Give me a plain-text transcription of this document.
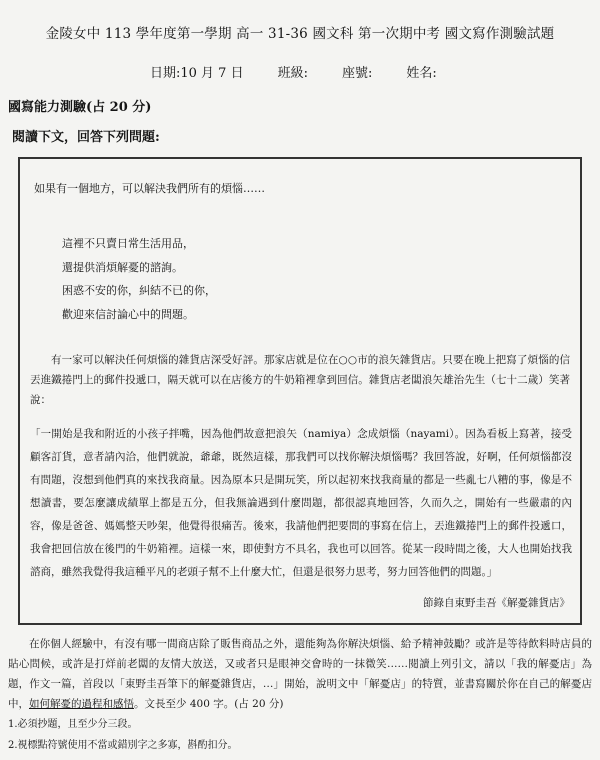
金陵女中 113 學年度第一學期 高一 31-36 國文科 第一次期中考 國文寫作測驗試題
日期:10 月 7 日	班級:	座號:	姓名:
國寫能力測驗(占 20 分)
閱讀下文，回答下列問題:
如果有一個地方，可以解決我們所有的煩惱……
這裡不只賣日常生活用品，
還提供消煩解憂的諮詢。
困惑不安的你，糾結不已的你，
歡迎來信討論心中的問題。
有一家可以解決任何煩惱的雜貨店深受好評。那家店就是位在○○市的浪矢雜貨店。只要在晚上把寫了煩惱的信丟進鐵捲門上的郵件投遞口，隔天就可以在店後方的牛奶箱裡拿到回信。雜貨店老闆浪矢雄治先生（七十二歲）笑著說：
「一開始是我和附近的小孩子拌嘴，因為他們故意把浪矢（namiya）念成煩惱（nayami）。因為看板上寫著，接受顧客訂貨，意者請內洽，他們就說，爺爺，既然這樣，那我們可以找你解決煩惱嗎？我回答說，好啊，任何煩惱都沒有問題，沒想到他們真的來找我商量。因為原本只是開玩笑，所以起初來找我商量的都是一些亂七八糟的事，像是不想讀書，要怎麼讓成績單上都是五分，但我無論遇到什麼問題，都很認真地回答，久而久之，開始有一些嚴肅的內容，像是爸爸、媽媽整天吵架，他覺得很痛苦。後來，我請他們把要問的事寫在信上，丟進鐵捲門上的郵件投遞口，我會把回信放在後門的牛奶箱裡。這樣一來，即使對方不具名，我也可以回答。從某一段時間之後，大人也開始找我諮商，雖然我覺得我這種平凡的老頭子幫不上什麼大忙，但還是很努力思考，努力回答他們的問題。」
節錄自東野圭吾《解憂雜貨店》
在你個人經驗中，有沒有哪一間商店除了販售商品之外，還能夠為你解決煩惱、給予精神鼓勵？或許是等待飲料時店員的貼心問候，或許是打烊前老闆的友情大放送，又或者只是眼神交會時的一抹微笑……閱讀上列引文，請以「我的解憂店」為題，作文一篇，首段以「東野圭吾筆下的解憂雜貨店，…」開始，說明文中「解憂店」的特質，並書寫關於你在自己的解憂店中，如何解憂的過程和感悟。文長至少 400 字。(占 20 分)
1.必須抄題，且至少分三段。
2.視標點符號使用不當或錯別字之多寡，斟酌扣分。
